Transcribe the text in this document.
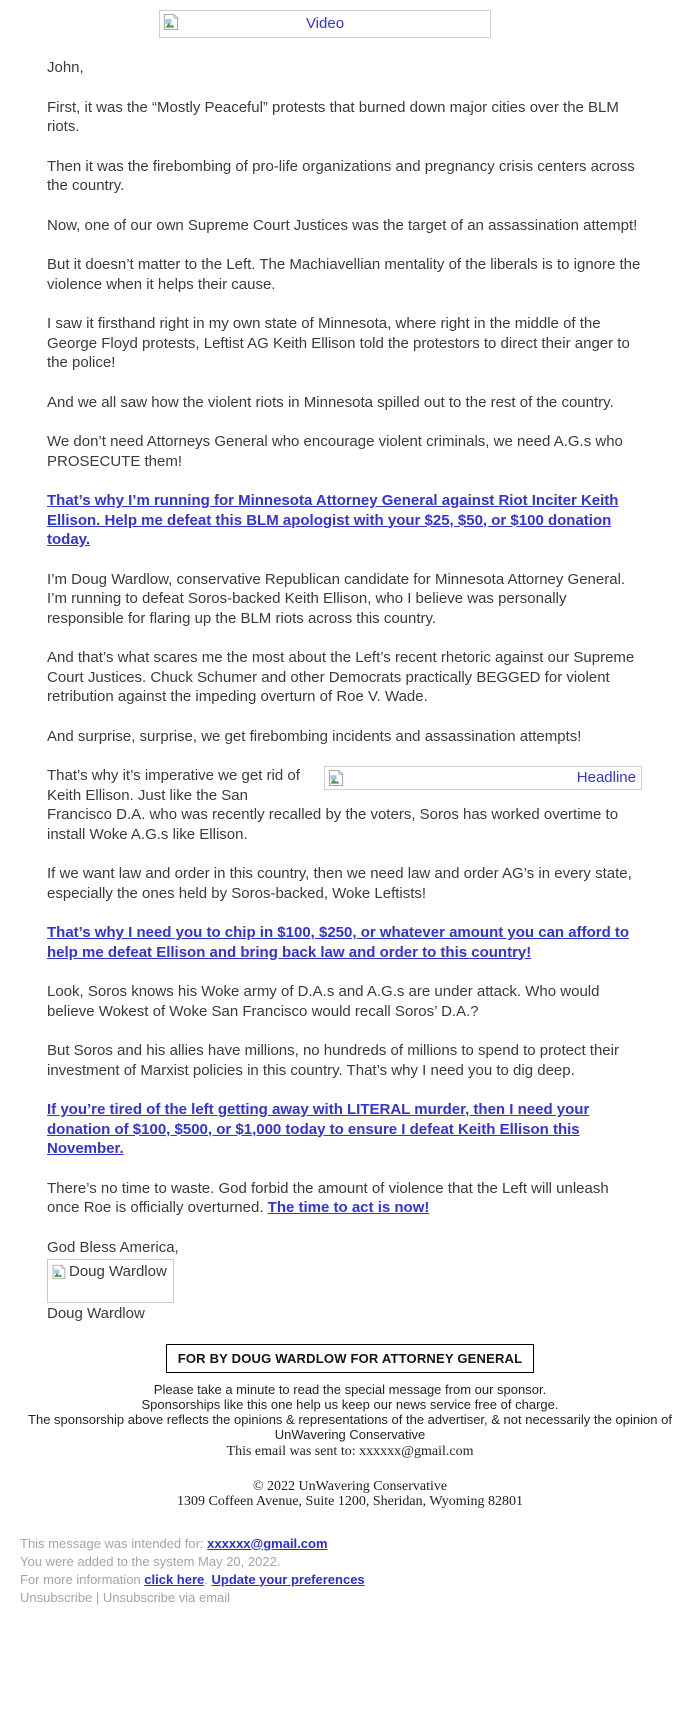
Video

John,

First, it was the “Mostly Peaceful” protests that burned down major cities over the BLM riots.

Then it was the firebombing of pro-life organizations and pregnancy crisis centers across the country.

Now, one of our own Supreme Court Justices was the target of an assassination attempt!

But it doesn’t matter to the Left. The Machiavellian mentality of the liberals is to ignore the violence when it helps their cause.

I saw it firsthand right in my own state of Minnesota, where right in the middle of the George Floyd protests, Leftist AG Keith Ellison told the protestors to direct their anger to the police!

And we all saw how the violent riots in Minnesota spilled out to the rest of the country.

We don’t need Attorneys General who encourage violent criminals, we need A.G.s who PROSECUTE them!

That’s why I’m running for Minnesota Attorney General against Riot Inciter Keith Ellison. Help me defeat this BLM apologist with your $25, $50, or $100 donation today.

I’m Doug Wardlow, conservative Republican candidate for Minnesota Attorney General. I’m running to defeat Soros-backed Keith Ellison, who I believe was personally responsible for flaring up the BLM riots across this country.

And that’s what scares me the most about the Left’s recent rhetoric against our Supreme Court Justices. Chuck Schumer and other Democrats practically BEGGED for violent retribution against the impeding overturn of Roe V. Wade.

And surprise, surprise, we get firebombing incidents and assassination attempts!

Headline
That’s why it’s imperative we get rid of Keith Ellison. Just like the San Francisco D.A. who was recently recalled by the voters, Soros has worked overtime to install Woke A.G.s like Ellison.

If we want law and order in this country, then we need law and order AG’s in every state, especially the ones held by Soros-backed, Woke Leftists!

That’s why I need you to chip in $100, $250, or whatever amount you can afford to help me defeat Ellison and bring back law and order to this country!

Look, Soros knows his Woke army of D.A.s and A.G.s are under attack. Who would believe Wokest of Woke San Francisco would recall Soros’ D.A.?

But Soros and his allies have millions, no hundreds of millions to spend to protect their investment of Marxist policies in this country. That’s why I need you to dig deep.

If you’re tired of the left getting away with LITERAL murder, then I need your donation of $100, $500, or $1,000 today to ensure I defeat Keith Ellison this November.

There’s no time to waste. God forbid the amount of violence that the Left will unleash once Roe is officially overturned. The time to act is now!

God Bless America,
Doug Wardlow
Doug Wardlow
FOR BY DOUG WARDLOW FOR ATTORNEY GENERAL
Please take a minute to read the special message from our sponsor.
Sponsorships like this one help us keep our news service free of charge.
The sponsorship above reflects the opinions & representations of the advertiser, & not necessarily the opinion of UnWavering Conservative
This email was sent to: xxxxxx@gmail.com
© 2022 UnWavering Conservative
1309 Coffeen Avenue, Suite 1200, Sheridan, Wyoming 82801
This message was intended for: xxxxxx@gmail.com
You were added to the system May 20, 2022.
For more information click here. Update your preferences
Unsubscribe | Unsubscribe via email
